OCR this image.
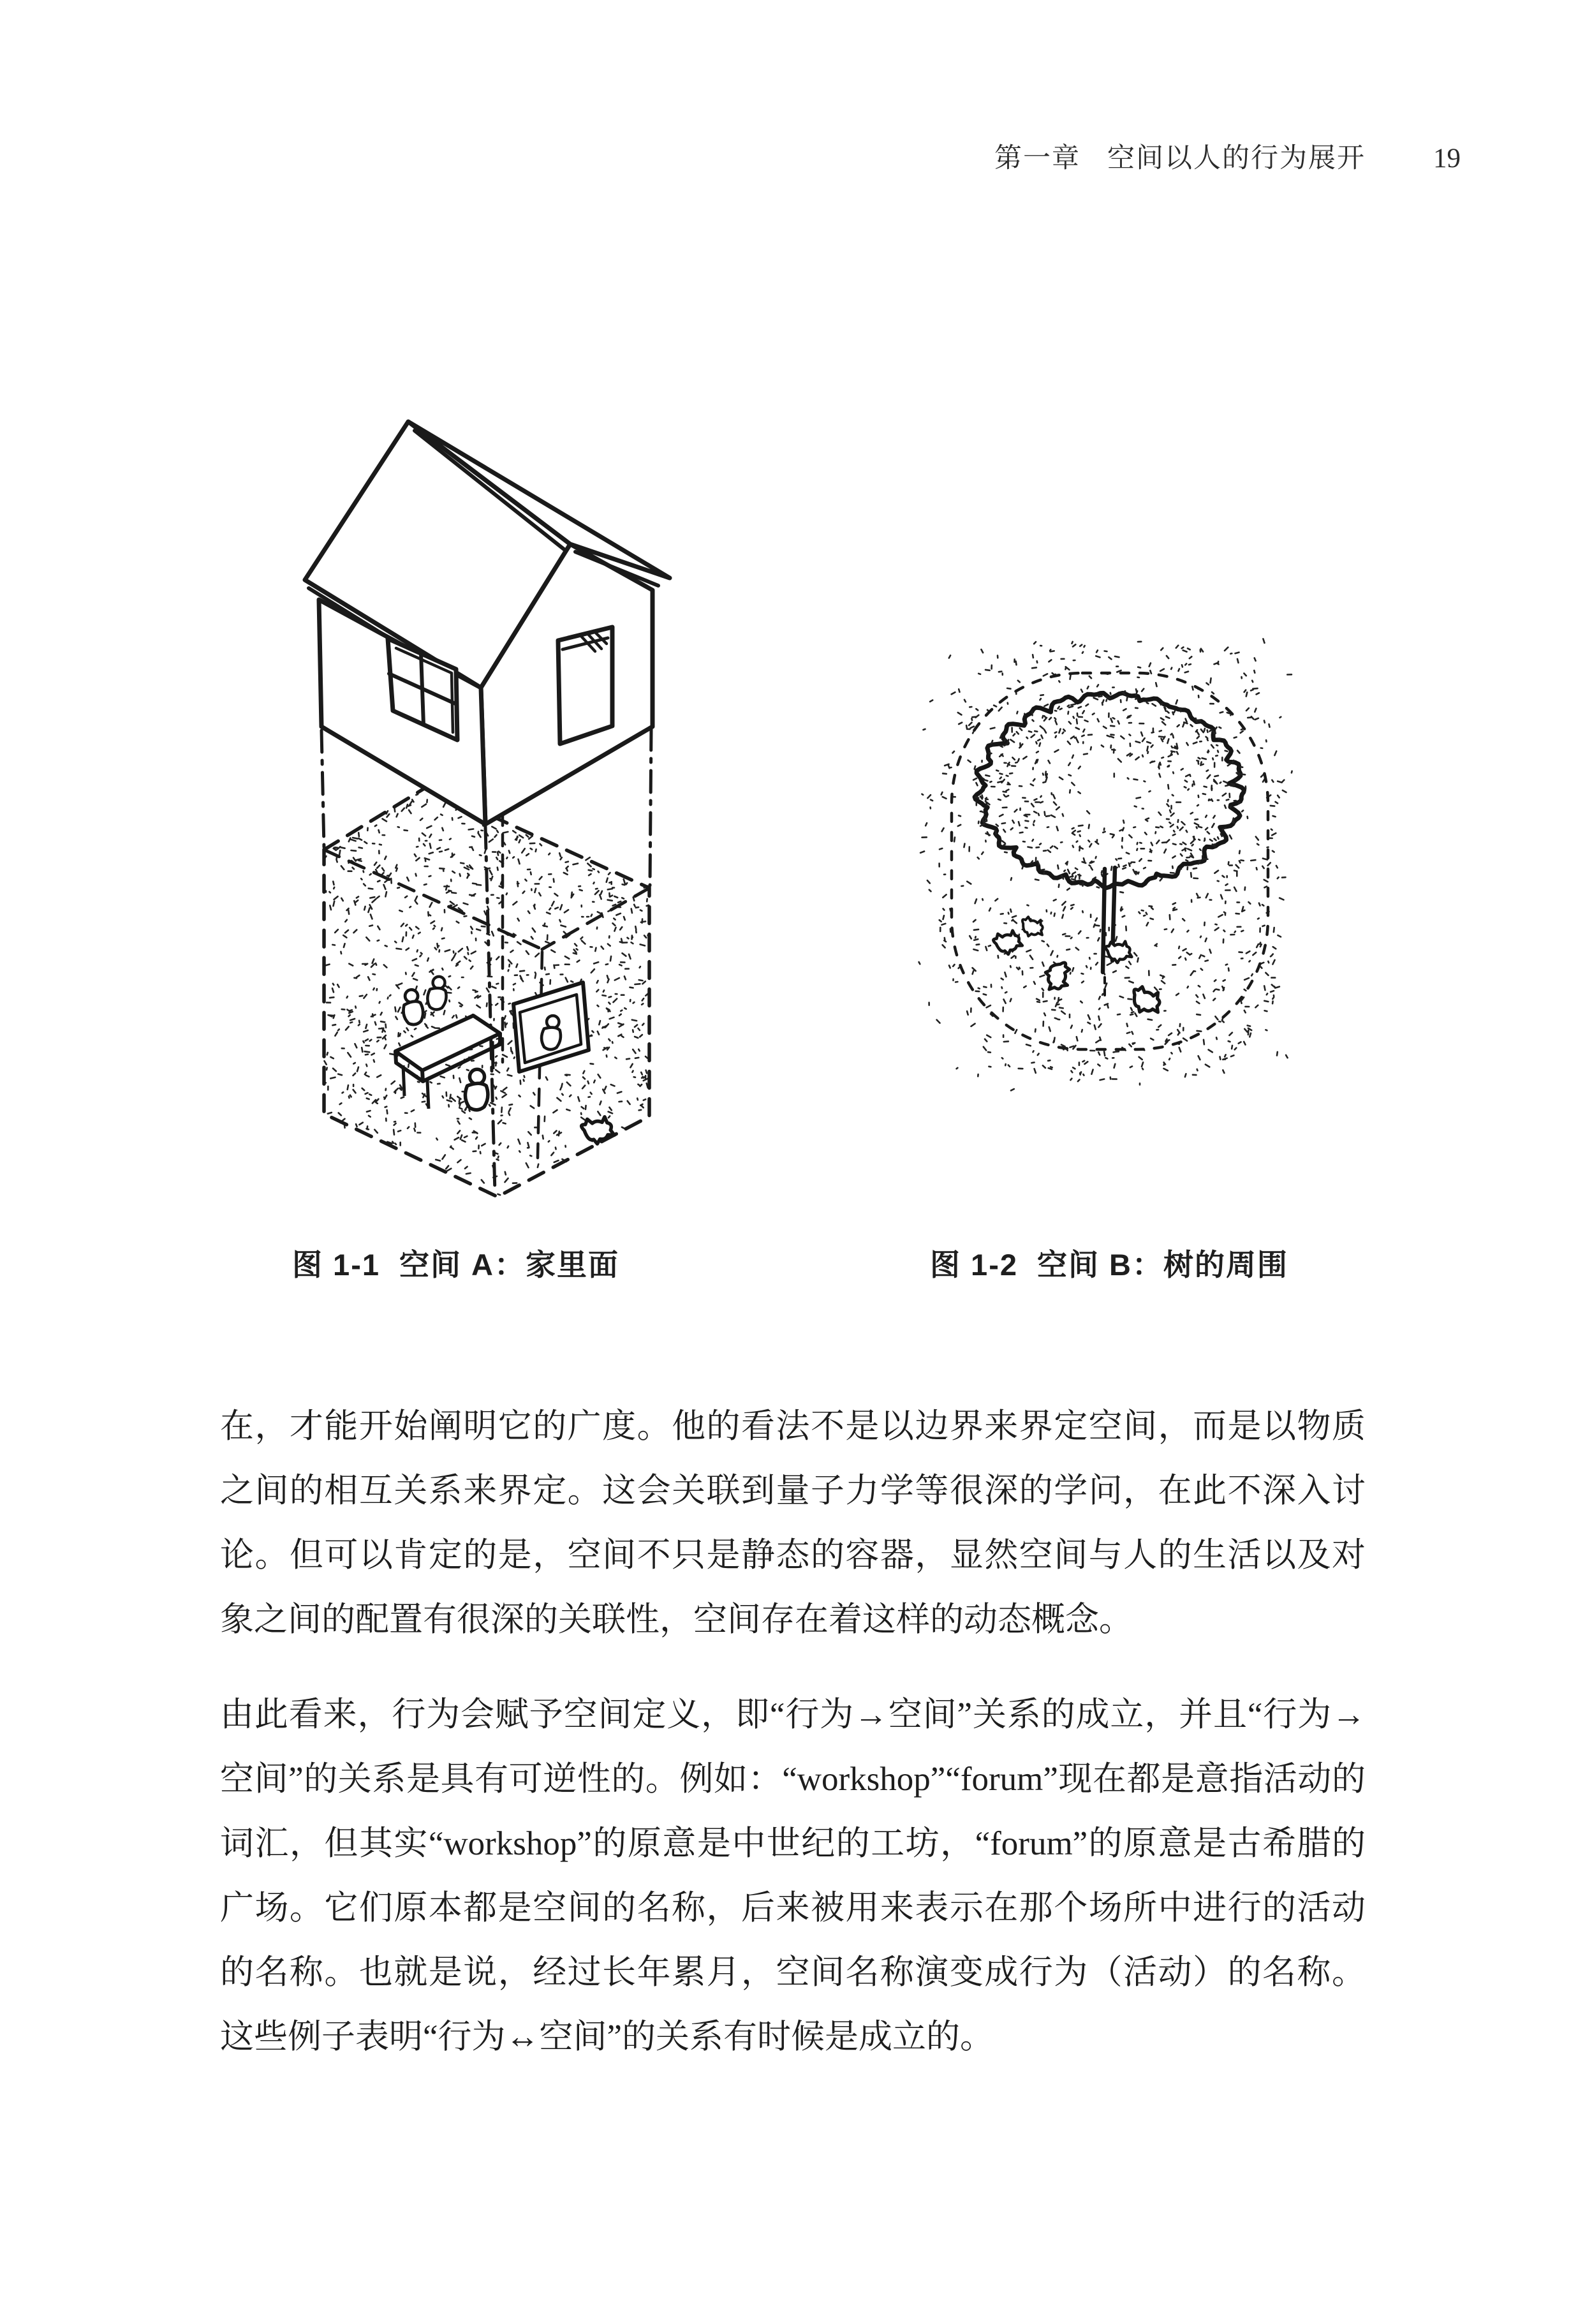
第一章 空间以人的行为展开 19
图 1-1 空间 A：家里面	图 1-2 空间 B：树的周围

在，才能开始阐明它的广度。他的看法不是以边界来界定空间，而是以物质之间的相互关系来界定。这会关联到量子力学等很深的学问，在此不深入讨论。但可以肯定的是，空间不只是静态的容器，显然空间与人的生活以及对象之间的配置有很深的关联性，空间存在着这样的动态概念。

由此看来，行为会赋予空间定义，即“行为→空间”关系的成立，并且“行为→空间”的关系是具有可逆性的。例如：“workshop”“forum”现在都是意指活动的词汇，但其实“workshop”的原意是中世纪的工坊，“forum”的原意是古希腊的广场。它们原本都是空间的名称，后来被用来表示在那个场所中进行的活动的名称。也就是说，经过长年累月，空间名称演变成行为（活动）的名称。这些例子表明“行为↔空间”的关系有时候是成立的。
